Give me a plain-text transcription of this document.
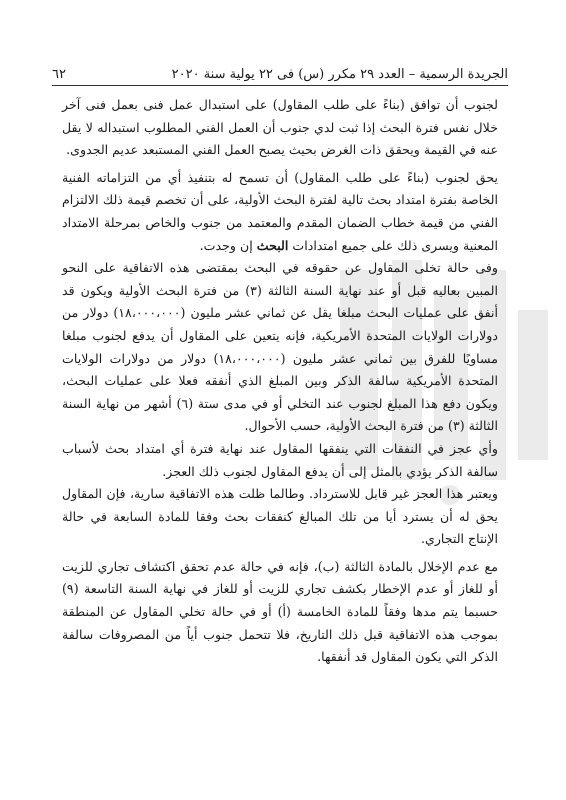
الجريدة الرسمية – العدد ٢٩ مكرر (س) فى ٢٢ يولية سنة ٢٠٢٠
٦٢

لجنوب أن توافق (بناءً على طلب المقاول) على استبدال عمل فنى بعمل فنى آخر خلال نفس فترة البحث إذا ثبت لدي جنوب أن العمل الفني المطلوب استبداله لا يقل عنه في القيمة ويحقق ذات الغرض بحيث يصبح العمل الفني المستبعد عديم الجدوى.

يحق لجنوب (بناءً على طلب المقاول) أن تسمح له بتنفيذ أي من التزاماته الفنية الخاصة بفترة امتداد بحث تالية لفترة البحث الأولية، على أن تخصم قيمة ذلك الالتزام الفني من قيمة خطاب الضمان المقدم والمعتمد من جنوب والخاص بمرحلة الامتداد المعنية ويسرى ذلك على جميع امتدادات البحث إن وجدت.

وفى حالة تخلى المقاول عن حقوقه في البحث بمقتضى هذه الاتفاقية على النحو المبين بعاليه قبل أو عند نهاية السنة الثالثة (٣) من فترة البحث الأولية ويكون قد أنفق على عمليات البحث مبلغا يقل عن ثماني عشر مليون (١٨،٠٠٠،٠٠٠) دولار من دولارات الولايات المتحدة الأمريكية، فإنه يتعين على المقاول أن يدفع لجنوب مبلغا مساويًا للفرق بين ثماني عشر مليون (١٨،٠٠٠،٠٠٠) دولار من دولارات الولايات المتحدة الأمريكية سالفة الذكر وبين المبلغ الذي أنفقه فعلا على عمليات البحث، ويكون دفع هذا المبلغ لجنوب عند التخلي أو في مدى ستة (٦) أشهر من نهاية السنة الثالثة (٣) من فترة البحث الأولية، حسب الأحوال.

وأي عجز في النفقات التي ينفقها المقاول عند نهاية فترة أي امتداد بحث لأسباب سالفة الذكر يؤدي بالمثل إلى أن يدفع المقاول لجنوب ذلك العجز.

ويعتبر هذا العجز غير قابل للاسترداد. وطالما ظلت هذه الاتفاقية سارية، فإن المقاول يحق له أن يسترد أيا من تلك المبالغ كنفقات بحث وفقا للمادة السابعة في حالة الإنتاج التجاري.

مع عدم الإخلال بالمادة الثالثة (ب)، فإنه في حالة عدم تحقق اكتشاف تجاري للزيت أو للغاز أو عدم الإخطار بكشف تجاري للزيت أو للغاز في نهاية السنة التاسعة (٩) حسبما يتم مدها وفقاً للمادة الخامسة (أ) أو في حالة تخلي المقاول عن المنطقة بموجب هذه الاتفاقية قبل ذلك التاريخ، فلا تتحمل جنوب أياً من المصروفات سالفة الذكر التي يكون المقاول قد أنفقها.
